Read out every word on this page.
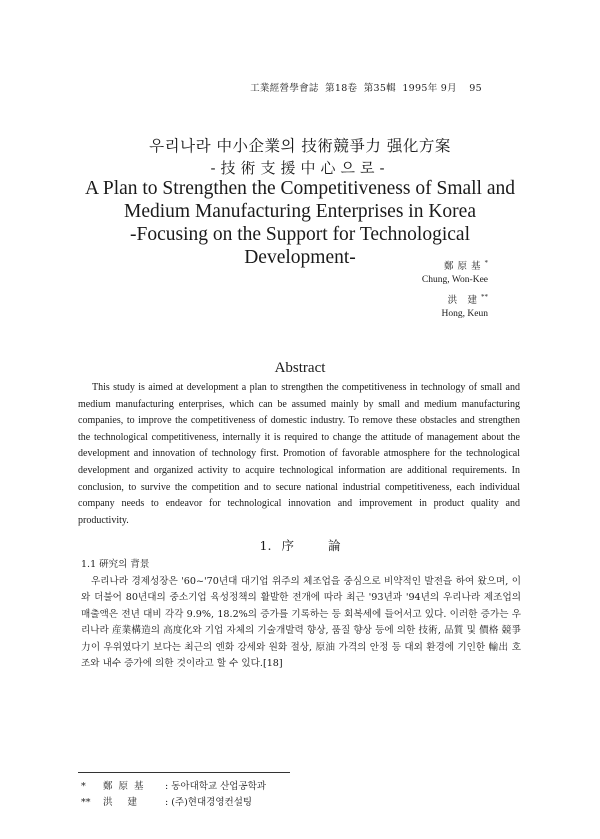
工業經營學會誌 第18卷 第35輯 1995年 9月 95
우리나라 中小企業의 技術競爭力 强化方案
-技術支援中心으로-
A Plan to Strengthen the Competitiveness of Small and
Medium Manufacturing Enterprises in Korea
-Focusing on the Support for Technological
Development-	鄭原基*
Chung, Won-Kee
洪 建**
Hong, Keun
Abstract
This study is aimed at development a plan to strengthen the competitiveness in technology of small and medium manufacturing enterprises, which can be assumed mainly by small and medium manufacturing companies, to improve the competitiveness of domestic industry. To remove these obstacles and strengthen the technological competitiveness, internally it is required to change the attitude of management about the development and innovation of technology first. Promotion of favorable atmosphere for the technological development and organized activity to acquire technological information are additional requirements. In conclusion, to survive the competition and to secure national industrial competitiveness, each individual company needs to endeavor for technological innovation and improvement in product quality and productivity.
1. 序	論
1.1 硏究의 背景
우리나라 경제성장은 '60~'70년대 대기업 위주의 체조업을 중심으로 비약적인 발전을 하여 왔으며, 이와 더불어 80년대의 중소기업 육성정책의 활발한 전개에 따라 최근 '93년과 '94년의 우리나라 제조업의 매출액은 전년 대비 각각 9.9%, 18.2%의 증가를 기록하는 등 회복세에 들어서고 있다. 이러한 증가는 우리나라 産業構造의 高度化와 기업 자체의 기술개발력 향상, 품질 향상 등에 의한 技術, 品質 및 價格 競爭力이 우위였다기 보다는 최근의 엔화 강세와 원화 절상, 原油 가격의 안정 등 대외 환경에 기인한 輸出 호조와 내수 증가에 의한 것이라고 할 수 있다.[18]
* 鄭原基 : 동아대학교 산업공학과
** 洪 建 : (주)현대경영컨설팅
